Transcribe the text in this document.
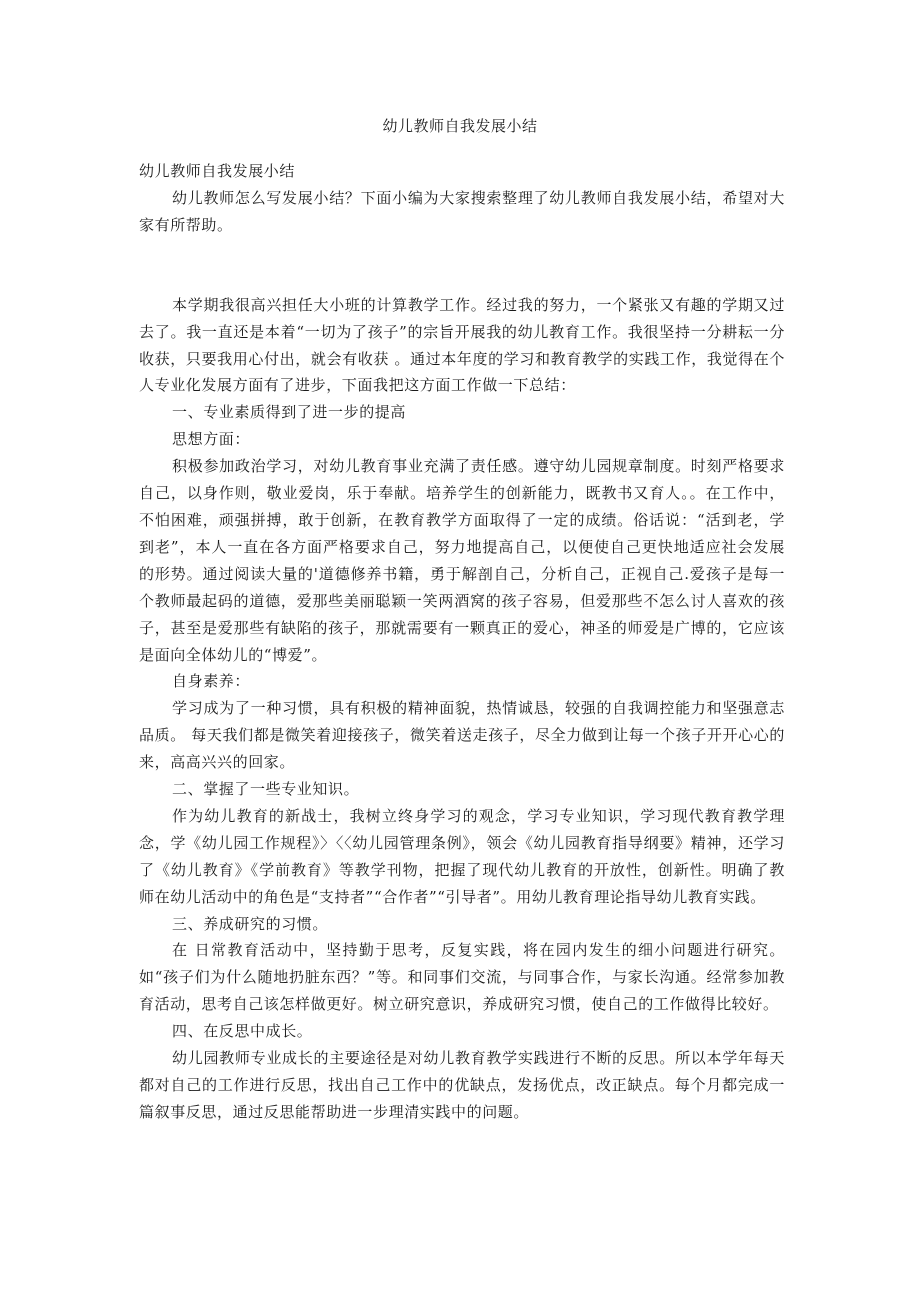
幼儿教师自我发展小结

幼儿教师自我发展小结

幼儿教师怎么写发展小结？下面小编为大家搜索整理了幼儿教师自我发展小结，希望对大家有所帮助。

本学期我很高兴担任大小班的计算教学工作。经过我的努力，一个紧张又有趣的学期又过去了。我一直还是本着“一切为了孩子”的宗旨开展我的幼儿教育工作。我很坚持一分耕耘一分收获，只要我用心付出，就会有收获 。通过本年度的学习和教育教学的实践工作，我觉得在个人专业化发展方面有了进步，下面我把这方面工作做一下总结：

一、专业素质得到了进一步的提高

思想方面：

积极参加政治学习，对幼儿教育事业充满了责任感。遵守幼儿园规章制度。时刻严格要求自己，以身作则，敬业爱岗，乐于奉献。培养学生的创新能力，既教书又育人。。在工作中，不怕困难，顽强拼搏，敢于创新，在教育教学方面取得了一定的成绩。俗话说：“活到老，学到老”，本人一直在各方面严格要求自己，努力地提高自己，以便使自己更快地适应社会发展的形势。通过阅读大量的'道德修养书籍，勇于解剖自己，分析自己，正视自己.爱孩子是每一个教师最起码的道德，爱那些美丽聪颖一笑两酒窝的孩子容易，但爱那些不怎么讨人喜欢的孩子，甚至是爱那些有缺陷的孩子，那就需要有一颗真正的爱心，神圣的师爱是广博的，它应该是面向全体幼儿的“博爱”。

自身素养：

学习成为了一种习惯，具有积极的精神面貌，热情诚恳，较强的自我调控能力和坚强意志品质。 每天我们都是微笑着迎接孩子，微笑着送走孩子，尽全力做到让每一个孩子开开心心的来，高高兴兴的回家。

二、掌握了一些专业知识。

作为幼儿教育的新战士，我树立终身学习的观念，学习专业知识，学习现代教育教学理念，学《幼儿园工作规程》〉〈〈幼儿园管理条例》，领会《幼儿园教育指导纲要》精神，还学习了《幼儿教育》《学前教育》等教学刊物，把握了现代幼儿教育的开放性，创新性。明确了教师在幼儿活动中的角色是“支持者”“合作者”“引导者”。用幼儿教育理论指导幼儿教育实践。

三、养成研究的习惯。

在 日常教育活动中，坚持勤于思考，反复实践，将在园内发生的细小问题进行研究。如“孩子们为什么随地扔脏东西？”等。和同事们交流，与同事合作，与家长沟通。经常参加教育活动，思考自己该怎样做更好。树立研究意识，养成研究习惯，使自己的工作做得比较好。

四、在反思中成长。

幼儿园教师专业成长的主要途径是对幼儿教育教学实践进行不断的反思。所以本学年每天都对自己的工作进行反思，找出自己工作中的优缺点，发扬优点，改正缺点。每个月都完成一篇叙事反思，通过反思能帮助进一步理清实践中的问题。
